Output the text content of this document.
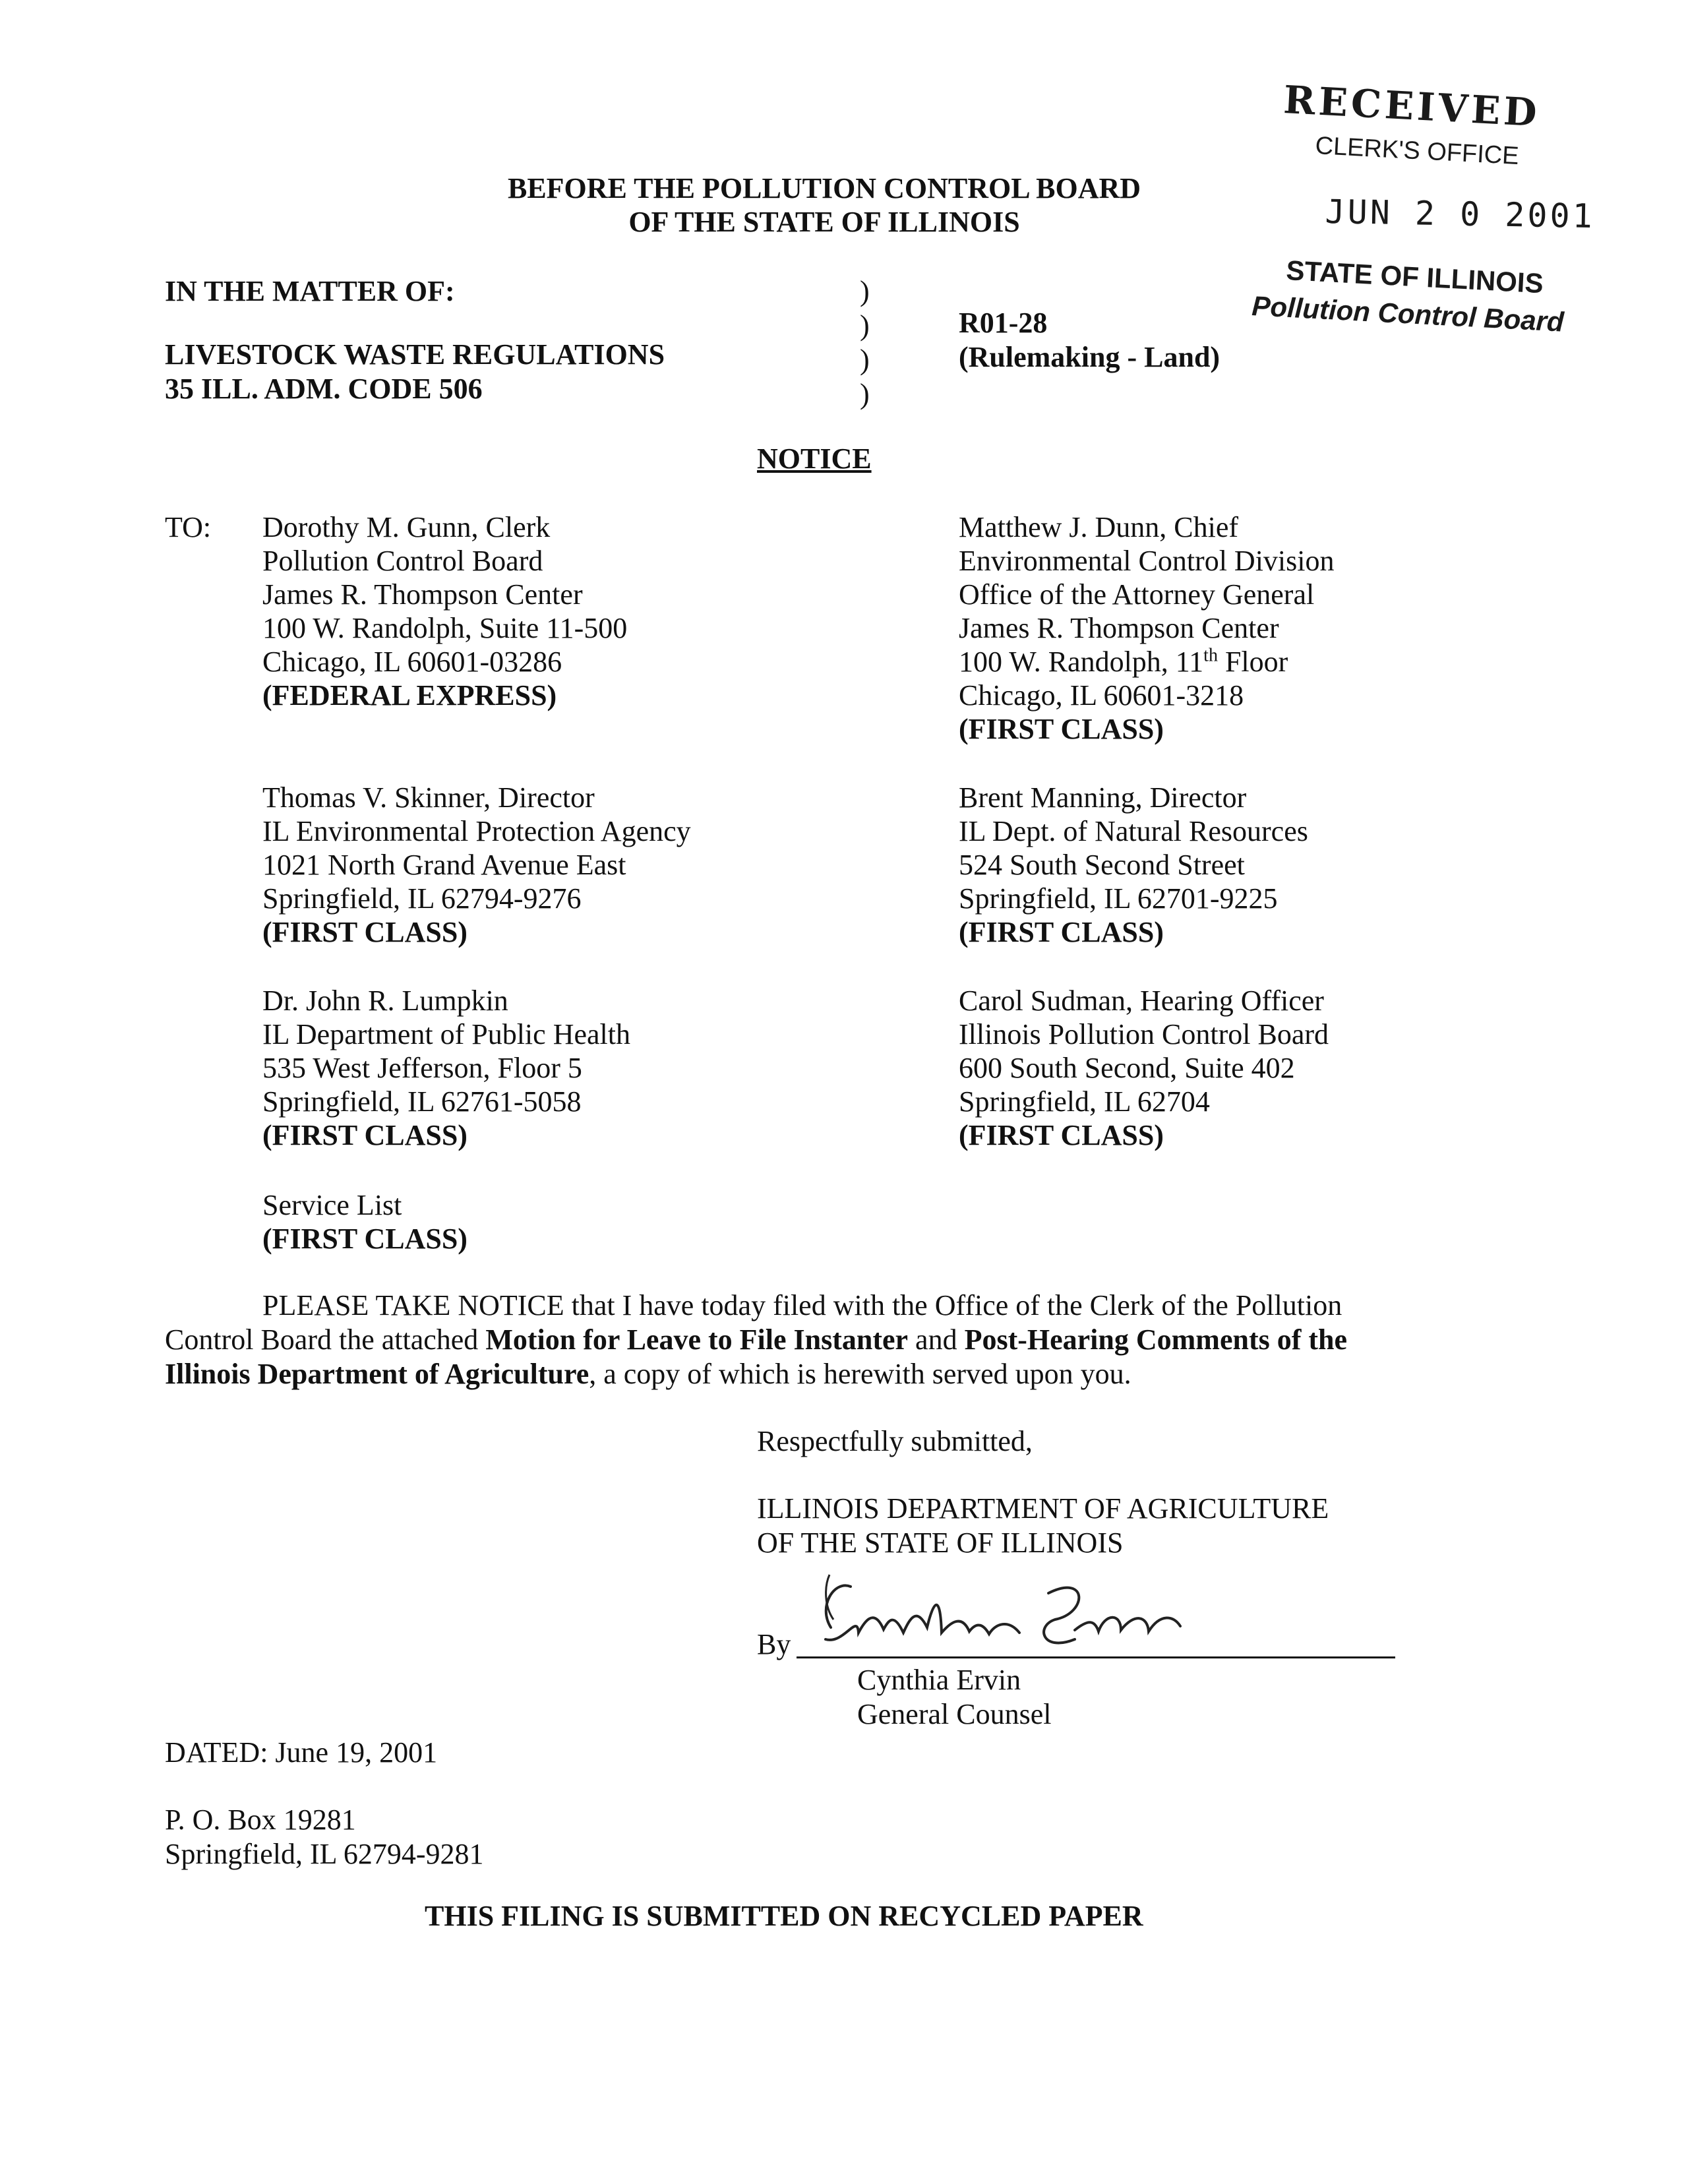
RECEIVED
CLERK'S OFFICE
JUN 2 0 2001
STATE OF ILLINOIS
Pollution Control Board
BEFORE THE POLLUTION CONTROL BOARD
OF THE STATE OF ILLINOIS
IN THE MATTER OF:
LIVESTOCK WASTE REGULATIONS
35 ILL. ADM. CODE 506
)
)
)
)
R01-28
(Rulemaking - Land)
NOTICE
TO: Dorothy M. Gunn, Clerk
Pollution Control Board
James R. Thompson Center
100 W. Randolph, Suite 11-500
Chicago, IL 60601-03286
(FEDERAL EXPRESS)
Matthew J. Dunn, Chief
Environmental Control Division
Office of the Attorney General
James R. Thompson Center
100 W. Randolph, 11th Floor
Chicago, IL 60601-3218
(FIRST CLASS)
Thomas V. Skinner, Director
IL Environmental Protection Agency
1021 North Grand Avenue East
Springfield, IL 62794-9276
(FIRST CLASS)
Brent Manning, Director
IL Dept. of Natural Resources
524 South Second Street
Springfield, IL 62701-9225
(FIRST CLASS)
Dr. John R. Lumpkin
IL Department of Public Health
535 West Jefferson, Floor 5
Springfield, IL 62761-5058
(FIRST CLASS)
Carol Sudman, Hearing Officer
Illinois Pollution Control Board
600 South Second, Suite 402
Springfield, IL 62704
(FIRST CLASS)
Service List
(FIRST CLASS)
PLEASE TAKE NOTICE that I have today filed with the Office of the Clerk of the Pollution
Control Board the attached Motion for Leave to File Instanter and Post-Hearing Comments of the
Illinois Department of Agriculture, a copy of which is herewith served upon you.
Respectfully submitted,
ILLINOIS DEPARTMENT OF AGRICULTURE
OF THE STATE OF ILLINOIS
By
Cynthia Ervin
General Counsel
DATED: June 19, 2001
P. O. Box 19281
Springfield, IL 62794-9281
THIS FILING IS SUBMITTED ON RECYCLED PAPER
